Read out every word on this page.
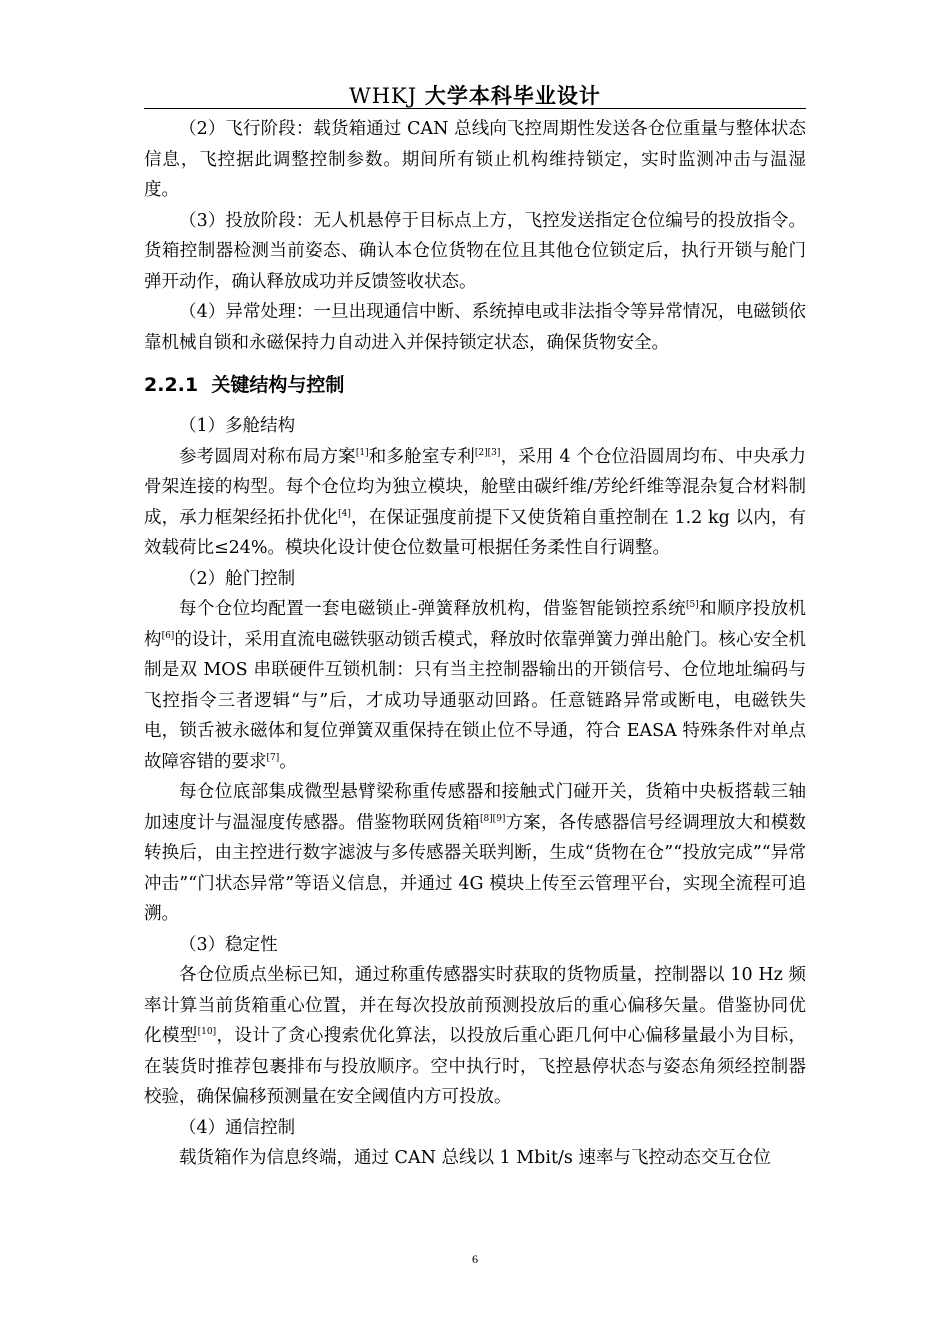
WHKJ 大学本科毕业设计

（2）飞行阶段：载货箱通过 CAN 总线向飞控周期性发送各仓位重量与整体状态信息，飞控据此调整控制参数。期间所有锁止机构维持锁定，实时监测冲击与温湿度。

（3）投放阶段：无人机悬停于目标点上方，飞控发送指定仓位编号的投放指令。货箱控制器检测当前姿态、确认本仓位货物在位且其他仓位锁定后，执行开锁与舱门弹开动作，确认释放成功并反馈签收状态。

（4）异常处理：一旦出现通信中断、系统掉电或非法指令等异常情况，电磁锁依靠机械自锁和永磁保持力自动进入并保持锁定状态，确保货物安全。

2.2.1 关键结构与控制

（1）多舱结构

参考圆周对称布局方案[1]和多舱室专利[2][3]，采用 4 个仓位沿圆周均布、中央承力骨架连接的构型。每个仓位均为独立模块，舱壁由碳纤维/芳纶纤维等混杂复合材料制成，承力框架经拓扑优化[4]，在保证强度前提下又使货箱自重控制在 1.2 kg 以内，有效载荷比≤24%。模块化设计使仓位数量可根据任务柔性自行调整。

（2）舱门控制

每个仓位均配置一套电磁锁止-弹簧释放机构，借鉴智能锁控系统[5]和顺序投放机构[6]的设计，采用直流电磁铁驱动锁舌模式，释放时依靠弹簧力弹出舱门。核心安全机制是双 MOS 串联硬件互锁机制：只有当主控制器输出的开锁信号、仓位地址编码与飞控指令三者逻辑“与”后，才成功导通驱动回路。任意链路异常或断电，电磁铁失电，锁舌被永磁体和复位弹簧双重保持在锁止位不导通，符合 EASA 特殊条件对单点故障容错的要求[7]。

每仓位底部集成微型悬臂梁称重传感器和接触式门碰开关，货箱中央板搭载三轴加速度计与温湿度传感器。借鉴物联网货箱[8][9]方案，各传感器信号经调理放大和模数转换后，由主控进行数字滤波与多传感器关联判断，生成“货物在仓”“投放完成”“异常冲击”“门状态异常”等语义信息，并通过 4G 模块上传至云管理平台，实现全流程可追溯。

（3）稳定性

各仓位质点坐标已知，通过称重传感器实时获取的货物质量，控制器以 10 Hz 频率计算当前货箱重心位置，并在每次投放前预测投放后的重心偏移矢量。借鉴协同优化模型[10]，设计了贪心搜索优化算法，以投放后重心距几何中心偏移量最小为目标，在装货时推荐包裹排布与投放顺序。空中执行时，飞控悬停状态与姿态角须经控制器校验，确保偏移预测量在安全阈值内方可投放。

（4）通信控制

载货箱作为信息终端，通过 CAN 总线以 1 Mbit/s 速率与飞控动态交互仓位

6
